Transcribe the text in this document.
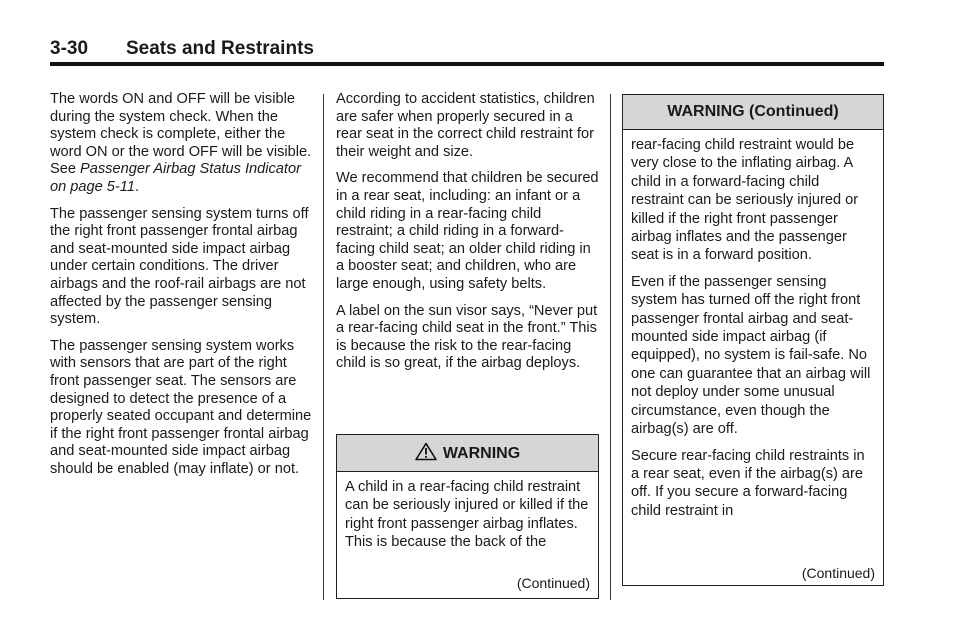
3-30 Seats and Restraints

The words ON and OFF will be visible during the system check. When the system check is complete, either the word ON or the word OFF will be visible. See Passenger Airbag Status Indicator on page 5-11.

The passenger sensing system turns off the right front passenger frontal airbag and seat-mounted side impact airbag under certain conditions. The driver airbags and the roof-rail airbags are not affected by the passenger sensing system.

The passenger sensing system works with sensors that are part of the right front passenger seat. The sensors are designed to detect the presence of a properly seated occupant and determine if the right front passenger frontal airbag and seat-mounted side impact airbag should be enabled (may inflate) or not.

According to accident statistics, children are safer when properly secured in a rear seat in the correct child restraint for their weight and size.

We recommend that children be secured in a rear seat, including: an infant or a child riding in a rear-facing child restraint; a child riding in a forward-facing child seat; an older child riding in a booster seat; and children, who are large enough, using safety belts.

A label on the sun visor says, “Never put a rear-facing child seat in the front.” This is because the risk to the rear-facing child is so great, if the airbag deploys.

WARNING
A child in a rear-facing child restraint can be seriously injured or killed if the right front passenger airbag inflates. This is because the back of the
(Continued)
WARNING (Continued)

rear-facing child restraint would be very close to the inflating airbag. A child in a forward-facing child restraint can be seriously injured or killed if the right front passenger airbag inflates and the passenger seat is in a forward position.

Even if the passenger sensing system has turned off the right front passenger frontal airbag and seat-mounted side impact airbag (if equipped), no system is fail-safe. No one can guarantee that an airbag will not deploy under some unusual circumstance, even though the airbag(s) are off.

Secure rear-facing child restraints in a rear seat, even if the airbag(s) are off. If you secure a forward-facing child restraint in

(Continued)
